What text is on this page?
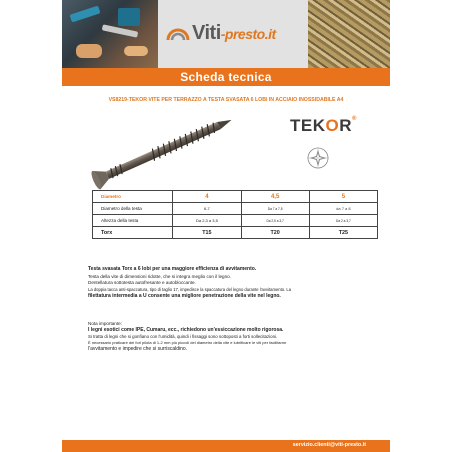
Viti-presto.it
Scheda tecnica
VS8219-TEKOR VITE PER TERRAZZO A TESTA SVASATA 6 LOBI IN ACCIAIO INOSSIDABILE A4
TEKOR®
Diametro	4	4,5	5
Diametro della testa	6-7	Da 7 a 7,5	da 7 a 8
Altezza della testa	Da 2,3 a 3,5	Da 2,5 a 3,7	Da 2 a 3,7
Torx	T15	T20	T25
Testa svasata Torx a 6 lobi per una maggiore efficienza di avvitamento.

Testa della vite di dimensioni ridotte, che si integra meglio con il legno.

Dentellatura sottotesta autofresante e autobloccante.

La doppia tacca anti-spaccatura, tipo di taglio 17, impedisce la spaccatura del legno durante l'avvitamento. La

filettatura intermedia a U consente una migliore penetrazione della vite nel legno.

Nota importante:

I legni esotici come IPE, Cumaru, ecc., richiedono un'essiccazione molto rigorosa.

Si tratta di legni che si gonfiano con l'umidità, quindi i fissaggi sono sottoposti a forti sollecitazioni.

È necessario praticare dei fori pilota di 1-2 mm più piccoli del diametro della vite e lubrificare le viti per facilitarne

l'avvitamento e impedire che si surriscaldino.

servizio.clienti@viti-presto.it
